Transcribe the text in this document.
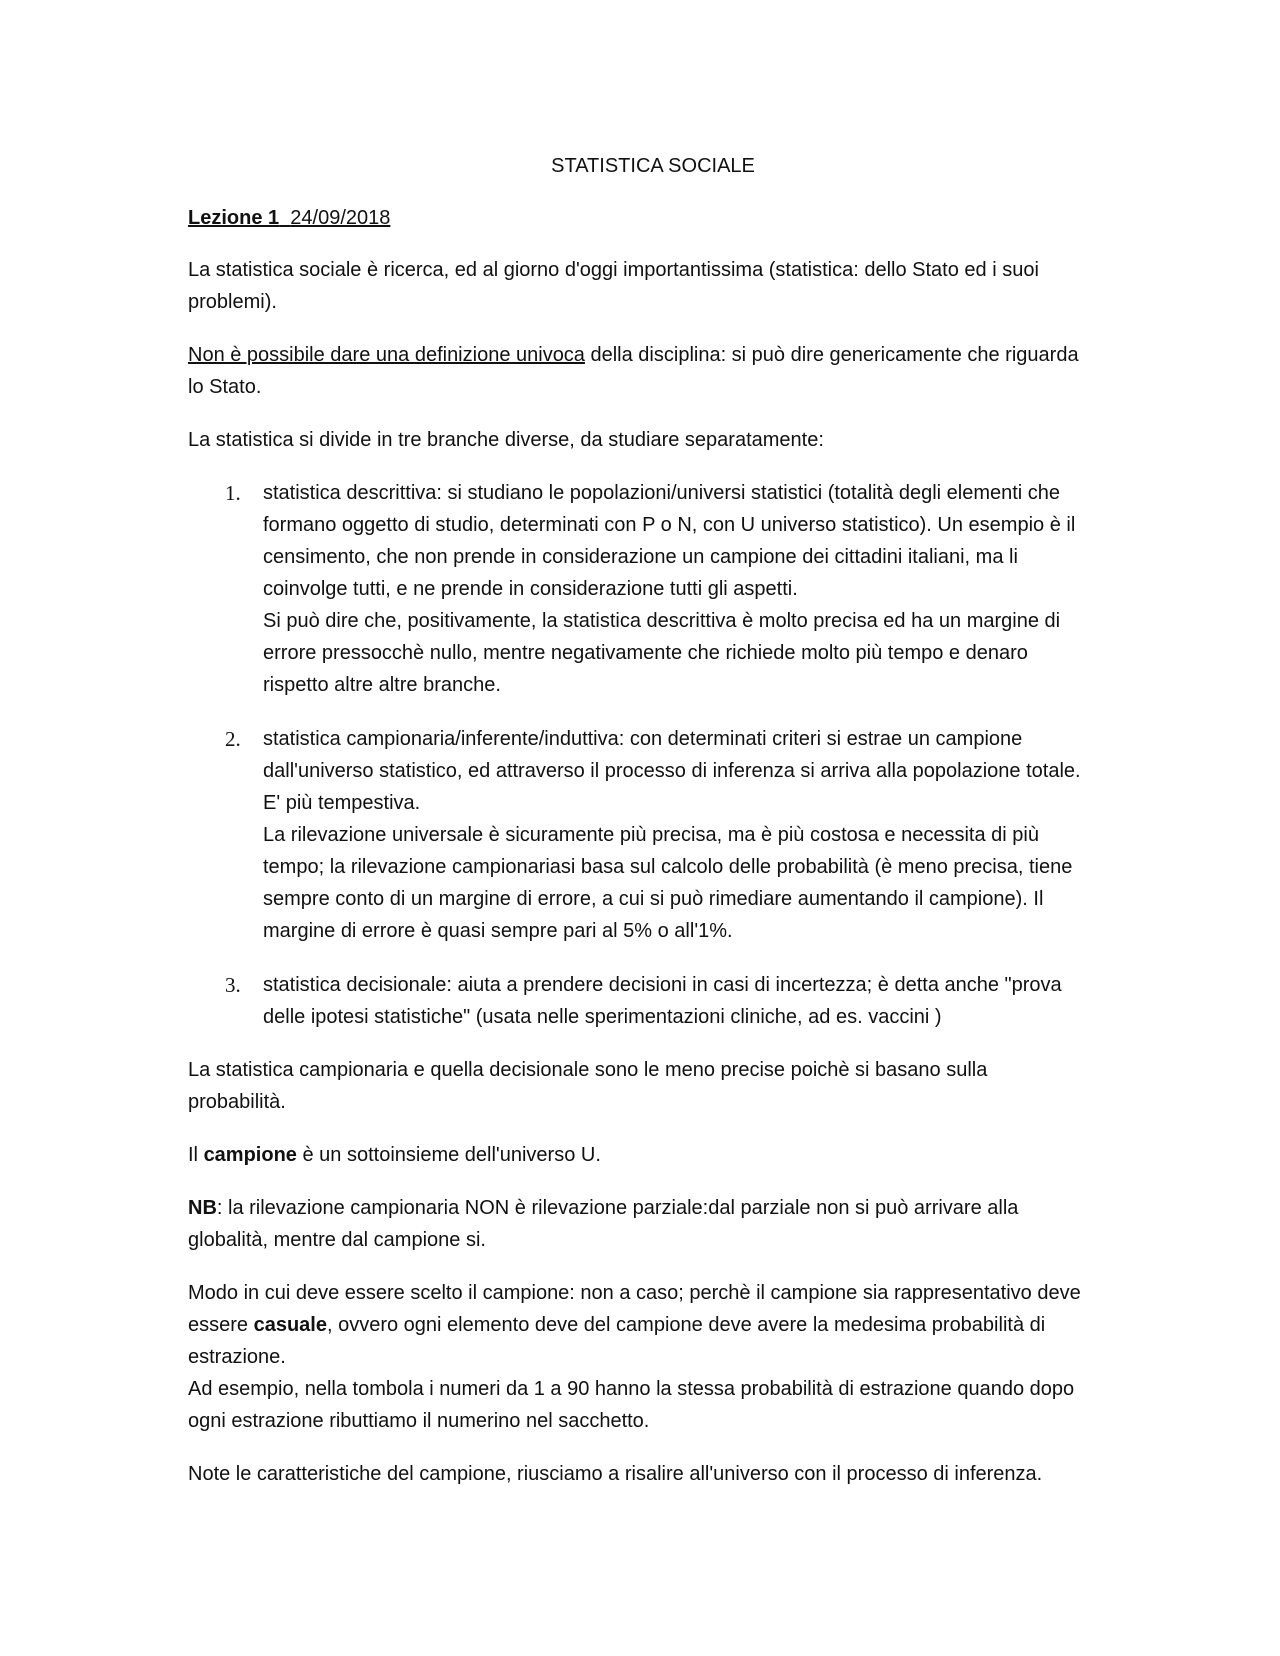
STATISTICA SOCIALE
Lezione 1 24/09/2018

La statistica sociale è ricerca, ed al giorno d'oggi importantissima (statistica: dello Stato ed i suoi problemi).

Non è possibile dare una definizione univoca della disciplina: si può dire genericamente che riguarda lo Stato.

La statistica si divide in tre branche diverse, da studiare separatamente:

1. statistica descrittiva: si studiano le popolazioni/universi statistici (totalità degli elementi che formano oggetto di studio, determinati con P o N, con U universo statistico). Un esempio è il censimento, che non prende in considerazione un campione dei cittadini italiani, ma li coinvolge tutti, e ne prende in considerazione tutti gli aspetti.
Si può dire che, positivamente, la statistica descrittiva è molto precisa ed ha un margine di errore pressocchè nullo, mentre negativamente che richiede molto più tempo e denaro rispetto altre altre branche.
2. statistica campionaria/inferente/induttiva: con determinati criteri si estrae un campione dall'universo statistico, ed attraverso il processo di inferenza si arriva alla popolazione totale. E' più tempestiva.
La rilevazione universale è sicuramente più precisa, ma è più costosa e necessita di più tempo; la rilevazione campionariasi basa sul calcolo delle probabilità (è meno precisa, tiene sempre conto di un margine di errore, a cui si può rimediare aumentando il campione). Il margine di errore è quasi sempre pari al 5% o all'1%.
3. statistica decisionale: aiuta a prendere decisioni in casi di incertezza; è detta anche "prova delle ipotesi statistiche" (usata nelle sperimentazioni cliniche, ad es. vaccini )

La statistica campionaria e quella decisionale sono le meno precise poichè si basano sulla probabilità.

Il campione è un sottoinsieme dell'universo U.

NB: la rilevazione campionaria NON è rilevazione parziale:dal parziale non si può arrivare alla globalità, mentre dal campione si.

Modo in cui deve essere scelto il campione: non a caso; perchè il campione sia rappresentativo deve essere casuale, ovvero ogni elemento deve del campione deve avere la medesima probabilità di estrazione.
Ad esempio, nella tombola i numeri da 1 a 90 hanno la stessa probabilità di estrazione quando dopo ogni estrazione ributtiamo il numerino nel sacchetto.

Note le caratteristiche del campione, riusciamo a risalire all'universo con il processo di inferenza.
